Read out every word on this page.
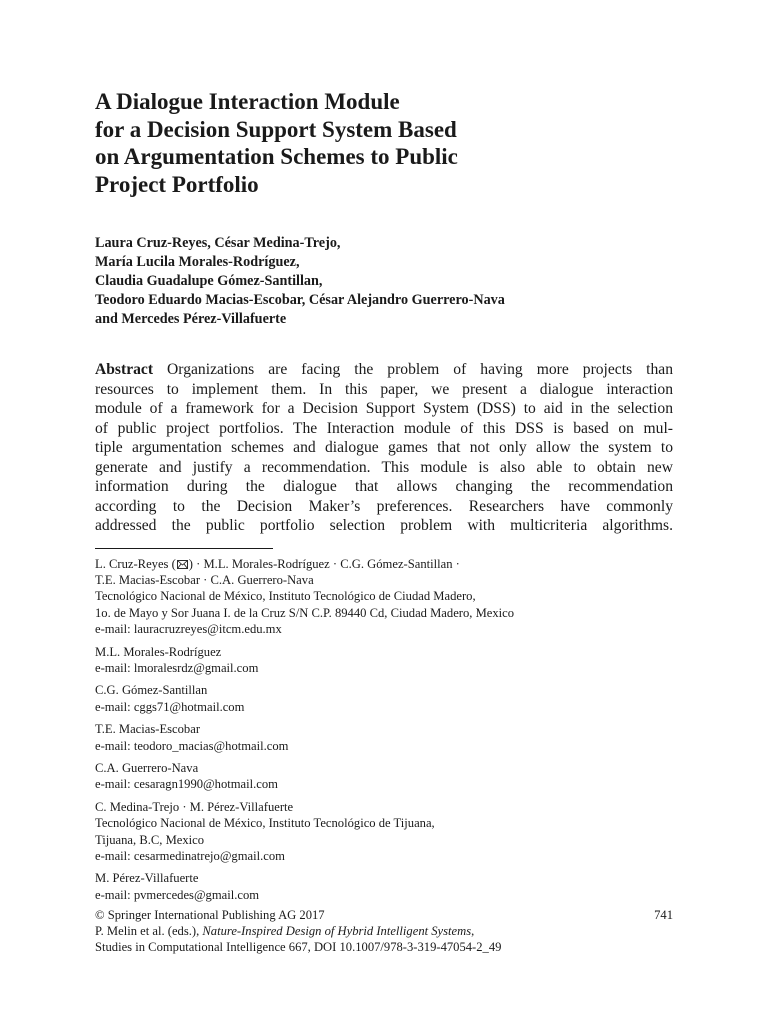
A Dialogue Interaction Module
for a Decision Support System Based
on Argumentation Schemes to Public
Project Portfolio
Laura Cruz-Reyes, César Medina-Trejo,
María Lucila Morales-Rodríguez,
Claudia Guadalupe Gómez-Santillan,
Teodoro Eduardo Macias-Escobar, César Alejandro Guerrero-Nava
and Mercedes Pérez-Villafuerte
Abstract Organizations are facing the problem of having more projects than
resources to implement them. In this paper, we present a dialogue interaction
module of a framework for a Decision Support System (DSS) to aid in the selection
of public project portfolios. The Interaction module of this DSS is based on mul-
tiple argumentation schemes and dialogue games that not only allow the system to
generate and justify a recommendation. This module is also able to obtain new
information during the dialogue that allows changing the recommendation
according to the Decision Maker’s preferences. Researchers have commonly
addressed the public portfolio selection problem with multicriteria algorithms.
L. Cruz-Reyes ( ) · M.L. Morales-Rodríguez · C.G. Gómez-Santillan ·
T.E. Macias-Escobar · C.A. Guerrero-Nava
Tecnológico Nacional de México, Instituto Tecnológico de Ciudad Madero,
1o. de Mayo y Sor Juana I. de la Cruz S/N C.P. 89440 Cd, Ciudad Madero, Mexico
e-mail: lauracruzreyes@itcm.edu.mx
M.L. Morales-Rodríguez
e-mail: lmoralesrdz@gmail.com
C.G. Gómez-Santillan
e-mail: cggs71@hotmail.com
T.E. Macias-Escobar
e-mail: teodoro_macias@hotmail.com
C.A. Guerrero-Nava
e-mail: cesaragn1990@hotmail.com
C. Medina-Trejo · M. Pérez-Villafuerte
Tecnológico Nacional de México, Instituto Tecnológico de Tijuana,
Tijuana, B.C, Mexico
e-mail: cesarmedinatrejo@gmail.com
M. Pérez-Villafuerte
e-mail: pvmercedes@gmail.com
741
© Springer International Publishing AG 2017
P. Melin et al. (eds.), Nature-Inspired Design of Hybrid Intelligent Systems,
Studies in Computational Intelligence 667, DOI 10.1007/978-3-319-47054-2_49
